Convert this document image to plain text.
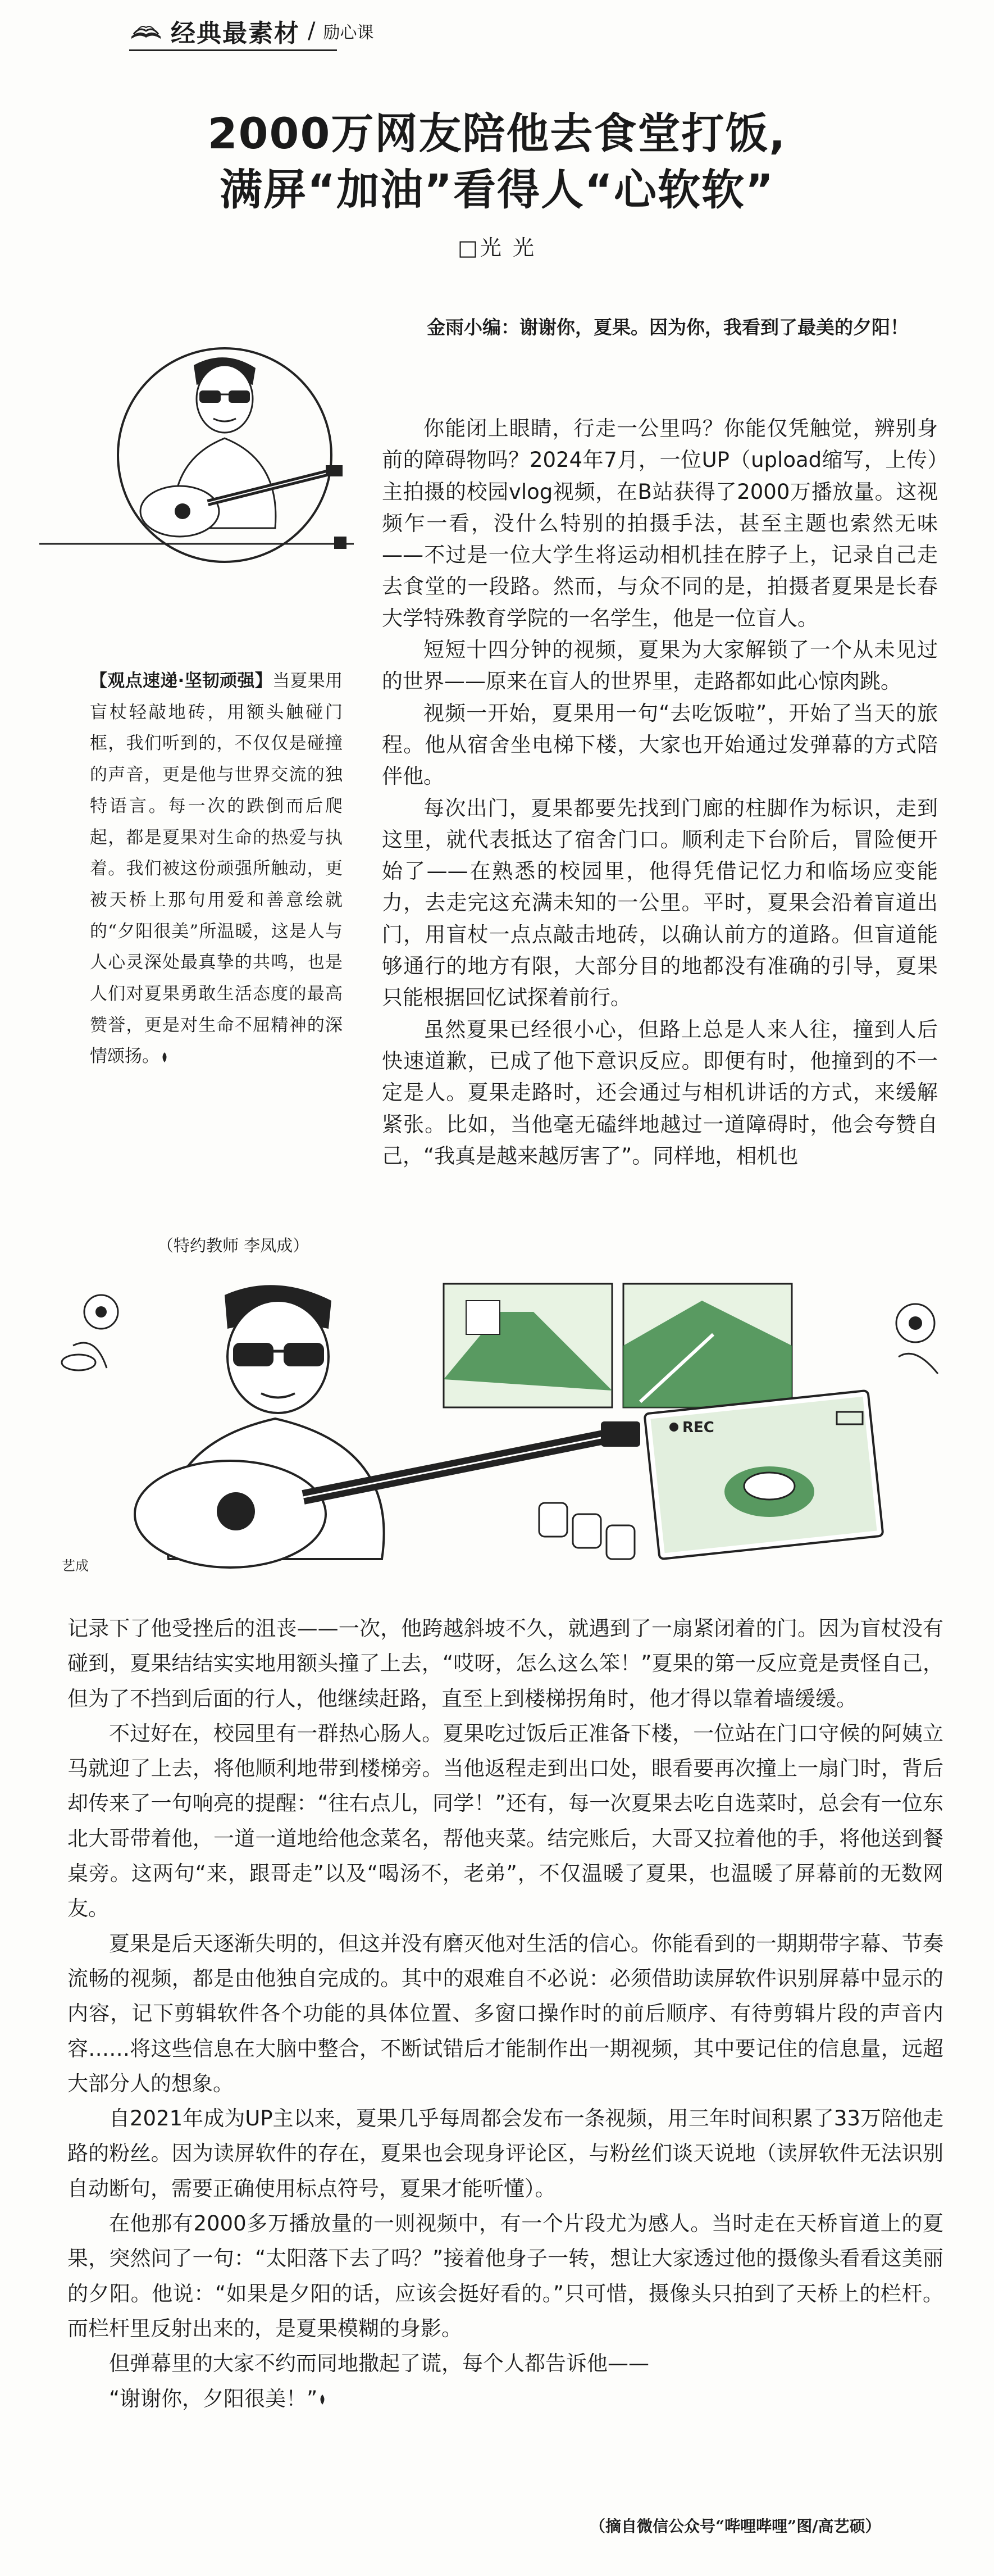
经典最素材 / 励心课
2000万网友陪他去食堂打饭,
满屏“加油”看得人“心软软”
□光 光
金雨小编：谢谢你，夏果。因为你，我看到了最美的夕阳！

你能闭上眼睛，行走一公里吗？你能仅凭触觉，辨别身前的障碍物吗？2024年7月，一位UP（upload缩写，上传）主拍摄的校园vlog视频，在B站获得了2000万播放量。这视频乍一看，没什么特别的拍摄手法，甚至主题也索然无味——不过是一位大学生将运动相机挂在脖子上，记录自己走去食堂的一段路。然而，与众不同的是，拍摄者夏果是长春大学特殊教育学院的一名学生，他是一位盲人。

短短十四分钟的视频，夏果为大家解锁了一个从未见过的世界——原来在盲人的世界里，走路都如此心惊肉跳。

视频一开始，夏果用一句“去吃饭啦”，开始了当天的旅程。他从宿舍坐电梯下楼，大家也开始通过发弹幕的方式陪伴他。

每次出门，夏果都要先找到门廊的柱脚作为标识，走到这里，就代表抵达了宿舍门口。顺利走下台阶后，冒险便开始了——在熟悉的校园里，他得凭借记忆力和临场应变能力，去走完这充满未知的一公里。平时，夏果会沿着盲道出门，用盲杖一点点敲击地砖，以确认前方的道路。但盲道能够通行的地方有限，大部分目的地都没有准确的引导，夏果只能根据回忆试探着前行。

虽然夏果已经很小心，但路上总是人来人往，撞到人后快速道歉，已成了他下意识反应。即便有时，他撞到的不一定是人。夏果走路时，还会通过与相机讲话的方式，来缓解紧张。比如，当他毫无磕绊地越过一道障碍时，他会夸赞自己，“我真是越来越厉害了”。同样地，相机也

【观点速递·坚韧顽强】当夏果用盲杖轻敲地砖，用额头触碰门框，我们听到的，不仅仅是碰撞的声音，更是他与世界交流的独特语言。每一次的跌倒而后爬起，都是夏果对生命的热爱与执着。我们被这份顽强所触动，更被天桥上那句用爱和善意绘就的“夕阳很美”所温暖，这是人与人心灵深处最真挚的共鸣，也是人们对夏果勇敢生活态度的最高赞誉，更是对生命不屈精神的深情颂扬。
（特约教师 李凤成）
REC
艺成

记录下了他受挫后的沮丧——一次，他跨越斜坡不久，就遇到了一扇紧闭着的门。因为盲杖没有碰到，夏果结结实实地用额头撞了上去，“哎呀，怎么这么笨！”夏果的第一反应竟是责怪自己，但为了不挡到后面的行人，他继续赶路，直至上到楼梯拐角时，他才得以靠着墙缓缓。

不过好在，校园里有一群热心肠人。夏果吃过饭后正准备下楼，一位站在门口守候的阿姨立马就迎了上去，将他顺利地带到楼梯旁。当他返程走到出口处，眼看要再次撞上一扇门时，背后却传来了一句响亮的提醒：“往右点儿，同学！”还有，每一次夏果去吃自选菜时，总会有一位东北大哥带着他，一道一道地给他念菜名，帮他夹菜。结完账后，大哥又拉着他的手，将他送到餐桌旁。这两句“来，跟哥走”以及“喝汤不，老弟”，不仅温暖了夏果，也温暖了屏幕前的无数网友。

夏果是后天逐渐失明的，但这并没有磨灭他对生活的信心。你能看到的一期期带字幕、节奏流畅的视频，都是由他独自完成的。其中的艰难自不必说：必须借助读屏软件识别屏幕中显示的内容，记下剪辑软件各个功能的具体位置、多窗口操作时的前后顺序、有待剪辑片段的声音内容……将这些信息在大脑中整合，不断试错后才能制作出一期视频，其中要记住的信息量，远超大部分人的想象。

自2021年成为UP主以来，夏果几乎每周都会发布一条视频，用三年时间积累了33万陪他走路的粉丝。因为读屏软件的存在，夏果也会现身评论区，与粉丝们谈天说地（读屏软件无法识别自动断句，需要正确使用标点符号，夏果才能听懂）。

在他那有2000多万播放量的一则视频中，有一个片段尤为感人。当时走在天桥盲道上的夏果，突然问了一句：“太阳落下去了吗？”接着他身子一转，想让大家透过他的摄像头看看这美丽的夕阳。他说：“如果是夕阳的话，应该会挺好看的。”只可惜，摄像头只拍到了天桥上的栏杆。而栏杆里反射出来的，是夏果模糊的身影。

但弹幕里的大家不约而同地撒起了谎，每个人都告诉他——

“谢谢你，夕阳很美！”

（摘自微信公众号“哔哩哔哩”图/高艺硕）
